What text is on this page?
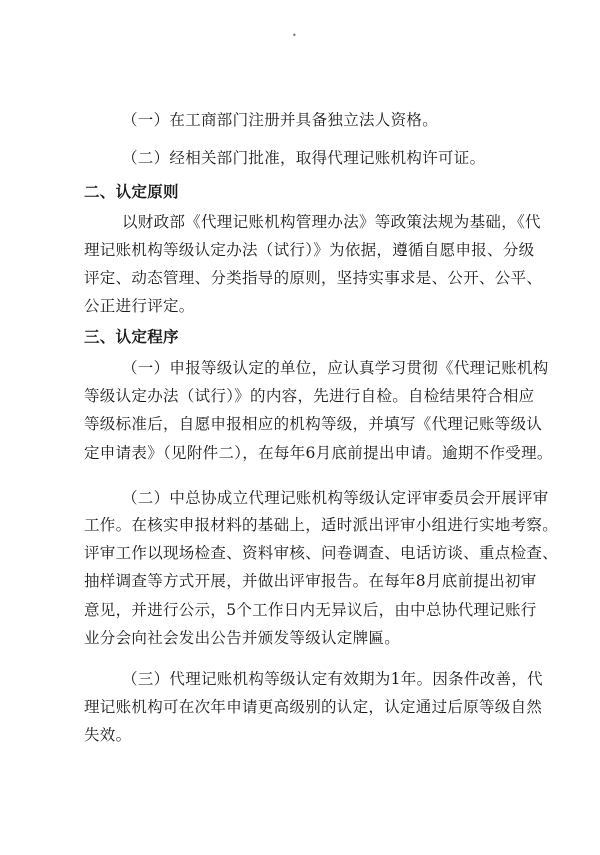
•
（一）在工商部门注册并具备独立法人资格。
（二）经相关部门批准，取得代理记账机构许可证。
二、认定原则
以财政部《代理记账机构管理办法》等政策法规为基础，《代
理记账机构等级认定办法（试行）》为依据，遵循自愿申报、分级
评定、动态管理、分类指导的原则，坚持实事求是、公开、公平、
公正进行评定。
三、认定程序
（一）申报等级认定的单位，应认真学习贯彻《代理记账机构
等级认定办法（试行）》的内容，先进行自检。自检结果符合相应
等级标准后，自愿申报相应的机构等级，并填写《代理记账等级认
定申请表》（见附件二），在每年6月底前提出申请。逾期不作受理。
（二）中总协成立代理记账机构等级认定评审委员会开展评审
工作。在核实申报材料的基础上，适时派出评审小组进行实地考察。
评审工作以现场检查、资料审核、问卷调查、电话访谈、重点检查、
抽样调查等方式开展，并做出评审报告。在每年8月底前提出初审
意见，并进行公示，5个工作日内无异议后，由中总协代理记账行
业分会向社会发出公告并颁发等级认定牌匾。
（三）代理记账机构等级认定有效期为1年。因条件改善，代
理记账机构可在次年申请更高级别的认定，认定通过后原等级自然
失效。
